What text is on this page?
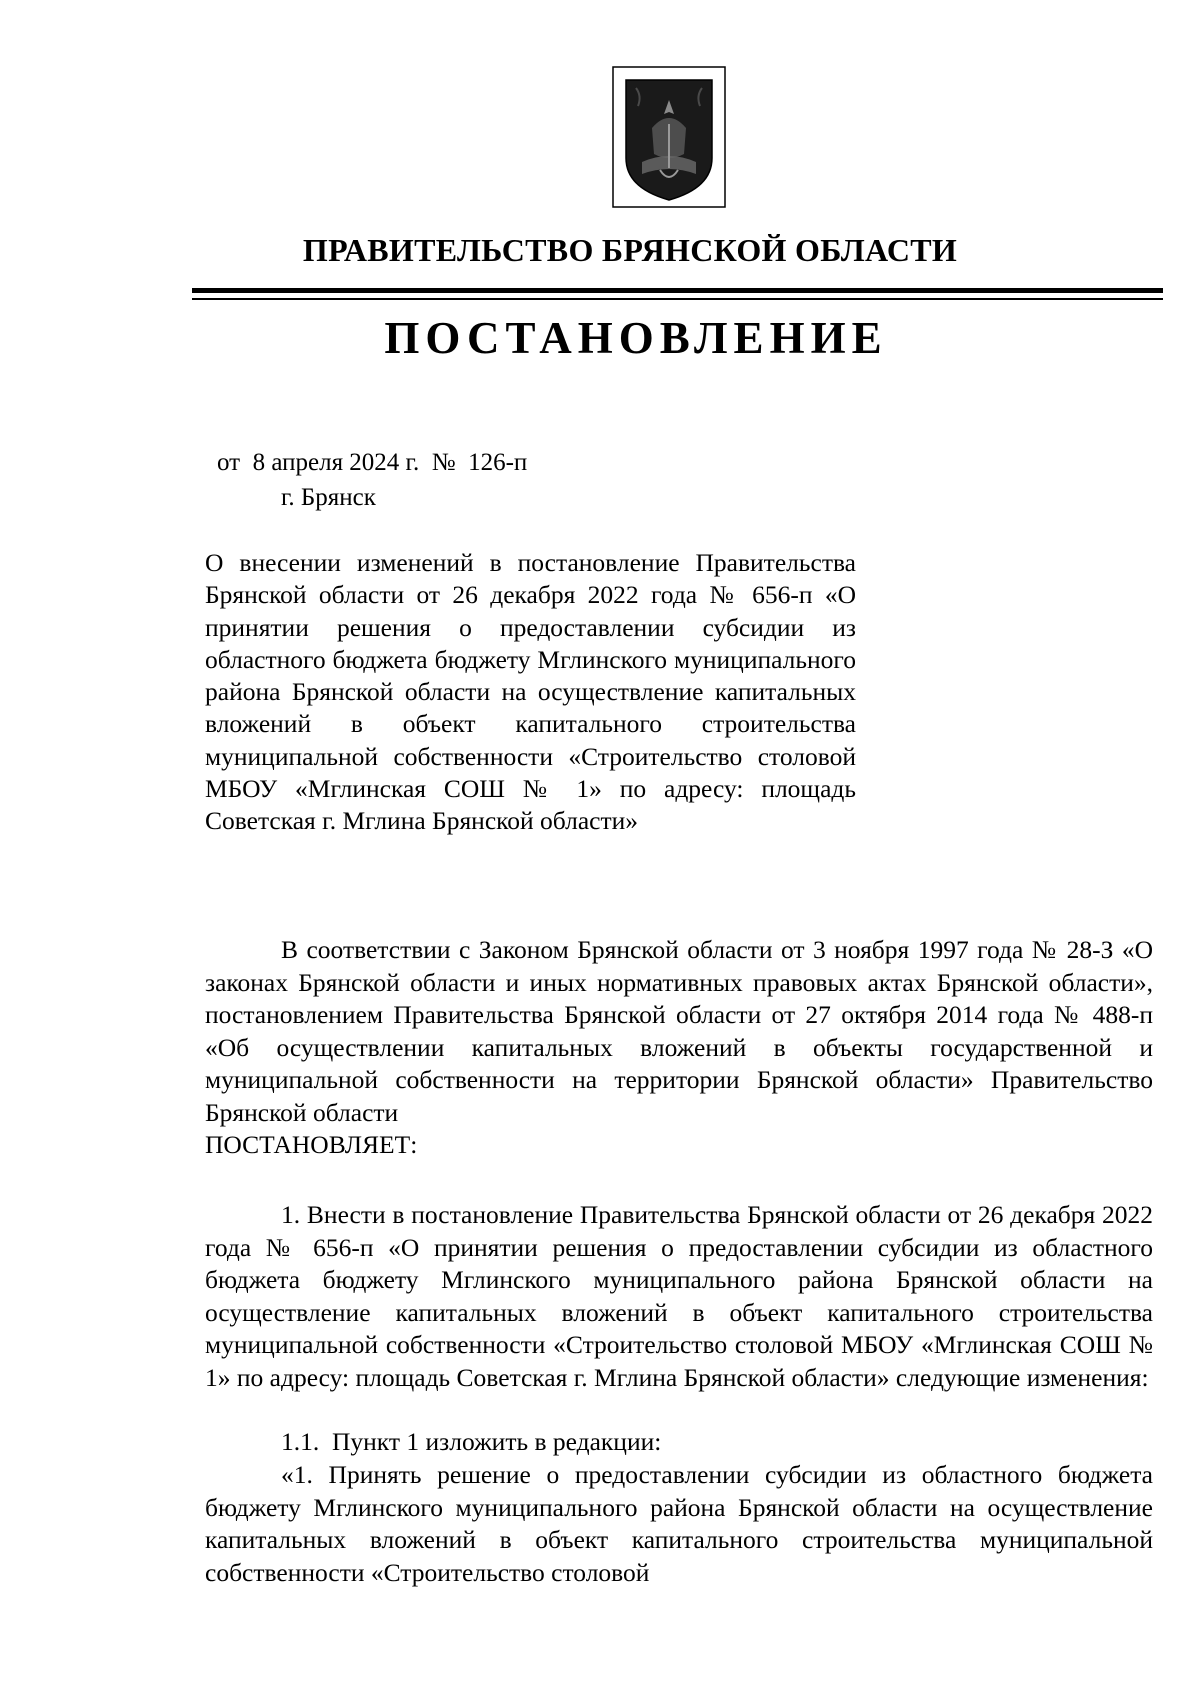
ПРАВИТЕЛЬСТВО БРЯНСКОЙ ОБЛАСТИ
ПОСТАНОВЛЕНИЕ
от  8 апреля 2024 г.  №  126-п
г. Брянск
О внесении изменений в постановление Правительства Брянской области от 26 декабря 2022 года № 656-п «О принятии решения о предоставлении субсидии из областного бюджета бюджету Мглинского муниципального района Брянской области на осуществление капитальных вложений в объект капитального строительства муниципальной собственности «Строительство столовой МБОУ «Мглинская СОШ № 1» по адресу: площадь Советская г. Мглина Брянской области»

В соответствии с Законом Брянской области от 3 ноября 1997 года № 28-З «О законах Брянской области и иных нормативных правовых актах Брянской области», постановлением Правительства Брянской области от 27 октября 2014 года № 488-п «Об осуществлении капитальных вложений в объекты государственной и муниципальной собственности на территории Брянской области» Правительство Брянской области

ПОСТАНОВЛЯЕТ:

1. Внести в постановление Правительства Брянской области от 26 декабря 2022 года № 656-п «О принятии решения о предоставлении субсидии из областного бюджета бюджету Мглинского муниципального района Брянской области на осуществление капитальных вложений в объект капитального строительства муниципальной собственности «Строительство столовой МБОУ «Мглинская СОШ № 1» по адресу: площадь Советская г. Мглина Брянской области» следующие изменения:

1.1.  Пункт 1 изложить в редакции:

«1. Принять решение о предоставлении субсидии из областного бюджета бюджету Мглинского муниципального района Брянской области на осуществление капитальных вложений в объект капитального строительства муниципальной собственности «Строительство столовой
